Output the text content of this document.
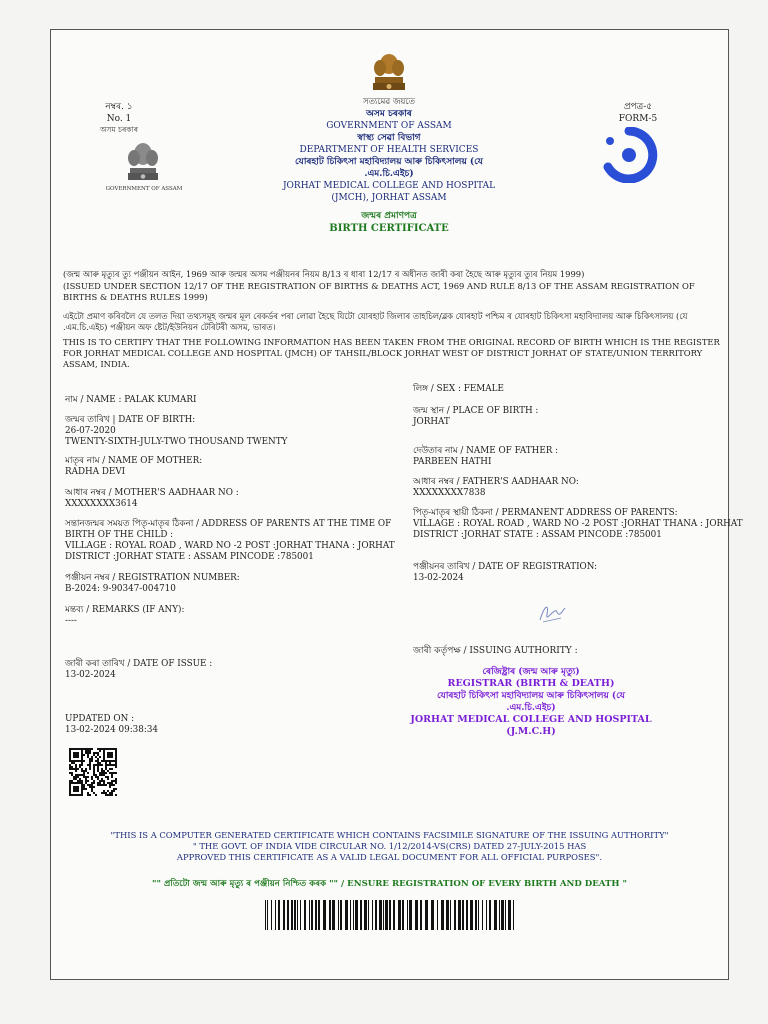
সত্যমেৱ জয়তে
নম্বৰ. ১
No. 1
অসম চৰকাৰ
GOVERNMENT OF ASSAM
প্ৰপত্ৰ-৫
FORM-5
অসম চৰকাৰ
GOVERNMENT OF ASSAM
স্বাস্থ্য সেৱা বিভাগ
DEPARTMENT OF HEALTH SERVICES
যোৰহাট চিকিৎসা মহাবিদ্যালয় আৰু চিকিৎসালয় (যে
.এম.চি.এইচ)
JORHAT MEDICAL COLLEGE AND HOSPITAL
(JMCH), JORHAT ASSAM
জন্মৰ প্ৰমাণপত্ৰ
BIRTH CERTIFICATE
(জন্ম আৰু মৃত্যুৰ ত্যু পঞ্জীয়ন আইন, 1969 আৰু জন্মৰ অসম পঞ্জীয়নৰ নিয়ম 8/13 ৰ ধাৰা 12/17 ৰ অধীনত জাৰী কৰা হৈছে আৰু মৃত্যুৰ ত্যুৰ নিয়ম 1999)
(ISSUED UNDER SECTION 12/17 OF THE REGISTRATION OF BIRTHS & DEATHS ACT, 1969 AND RULE 8/13 OF THE ASSAM REGISTRATION OF BIRTHS & DEATHS RULES 1999)
এইটো প্ৰমাণ কৰিবলৈ যে তলত দিয়া তথ্যসমূহ জন্মৰ মূল ৰেকৰ্ডৰ পৰা লোৱা হৈছে যিটো যোৰহাট জিলাৰ তাহচিল/ব্লক যোৰহাট পশ্চিম ৰ যোৰহাট চিকিৎসা মহাবিদ্যালয় আৰু চিকিৎসালয় (যে .এম.চি.এইচ) পঞ্জীয়ন অফ ষ্টেট/ইউনিয়ন টেৰিটৰী অসম, ভাৰত।
THIS IS TO CERTIFY THAT THE FOLLOWING INFORMATION HAS BEEN TAKEN FROM THE ORIGINAL RECORD OF BIRTH WHICH IS THE REGISTER FOR JORHAT MEDICAL COLLEGE AND HOSPITAL (JMCH) OF TAHSIL/BLOCK JORHAT WEST OF DISTRICT JORHAT OF STATE/UNION TERRITORY ASSAM, INDIA.
নাম / NAME : PALAK KUMARI
জন্মৰ তাৰিখ | DATE OF BIRTH:
26-07-2020
TWENTY-SIXTH-JULY-TWO THOUSAND TWENTY
মাতৃৰ নাম / NAME OF MOTHER:
RADHA DEVI
আধাৰ নম্বৰ / MOTHER'S AADHAAR NO :
XXXXXXXX3614
সন্তানজন্মৰ সময়ত পিতৃ-মাতৃৰ ঠিকনা / ADDRESS OF PARENTS AT THE TIME OF BIRTH OF THE CHILD :
VILLAGE : ROYAL ROAD , WARD NO -2 POST :JORHAT THANA : JORHAT DISTRICT :JORHAT STATE : ASSAM PINCODE :785001
পঞ্জীয়ন নম্বৰ / REGISTRATION NUMBER:
B-2024: 9-90347-004710
মন্তব্য / REMARKS (IF ANY):
----
জাৰী কৰা তাৰিখ / DATE OF ISSUE :
13-02-2024
UPDATED ON :
13-02-2024 09:38:34
লিঙ্গ / SEX : FEMALE
জন্ম স্থান / PLACE OF BIRTH :
JORHAT
দেউতাৰ নাম / NAME OF FATHER :
PARBEEN HATHI
আধাৰ নম্বৰ / FATHER'S AADHAAR NO:
XXXXXXXX7838
পিতৃ-মাতৃৰ স্থায়ী ঠিকনা / PERMANENT ADDRESS OF PARENTS:
VILLAGE : ROYAL ROAD , WARD NO -2 POST :JORHAT THANA : JORHAT DISTRICT :JORHAT STATE : ASSAM PINCODE :785001
পঞ্জীয়নৰ তাৰিখ / DATE OF REGISTRATION:
13-02-2024
জাৰী কৰ্তৃপক্ষ / ISSUING AUTHORITY :
ৰেজিষ্ট্ৰাৰ (জন্ম আৰু মৃত্যু)
REGISTRAR (BIRTH & DEATH)
যোৰহাট চিকিৎসা মহাবিদ্যালয় আৰু চিকিৎসালয় (যে
.এম.চি.এইচ)
JORHAT MEDICAL COLLEGE AND HOSPITAL
(J.M.C.H)
"THIS IS A COMPUTER GENERATED CERTIFICATE WHICH CONTAINS FACSIMILE SIGNATURE OF THE ISSUING AUTHORITY"
" THE GOVT. OF INDIA VIDE CIRCULAR NO. 1/12/2014-VS(CRS) DATED 27-JULY-2015 HAS
APPROVED THIS CERTIFICATE AS A VALID LEGAL DOCUMENT FOR ALL OFFICIAL PURPOSES".
"" প্ৰতিটো জন্ম আৰু মৃত্যু ৰ পঞ্জীয়ন নিশ্চিত কৰক "" / ENSURE REGISTRATION OF EVERY BIRTH AND DEATH "
